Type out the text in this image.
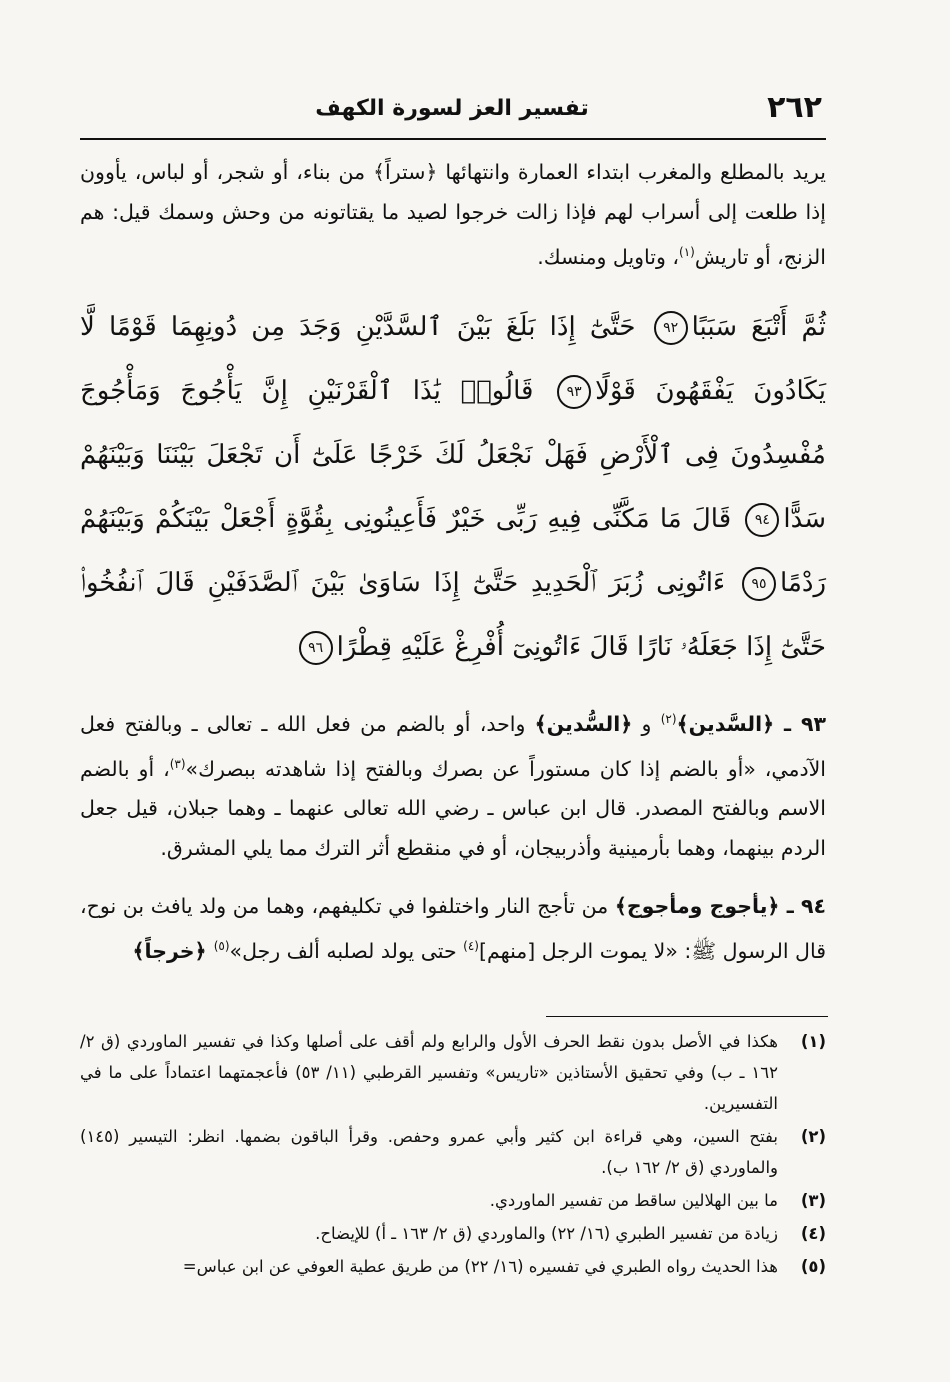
٢٦٢
تفسير العز لسورة الكهف

يريد بالمطلع والمغرب ابتداء العمارة وانتهائها ﴿ستراً﴾ من بناء، أو شجر، أو لباس، يأوون إذا طلعت إلى أسراب لهم فإذا زالت خرجوا لصيد ما يقتاتونه من وحش وسمك قيل: هم الزنج، أو تاريش$^{(١)}$، وتاويل ومنسك.

ثُمَّ أَتْبَعَ سَبَبًا٩٢ حَتَّىٰٓ إِذَا بَلَغَ بَيْنَ ٱلسَّدَّيْنِ وَجَدَ مِن دُونِهِمَا قَوْمًا لَّا يَكَادُونَ يَفْقَهُونَ قَوْلًا٩٣ قَالُوا۟ يَٰذَا ٱلْقَرْنَيْنِ إِنَّ يَأْجُوجَ وَمَأْجُوجَ مُفْسِدُونَ فِى ٱلْأَرْضِ فَهَلْ نَجْعَلُ لَكَ خَرْجًا عَلَىٰٓ أَن تَجْعَلَ بَيْنَنَا وَبَيْنَهُمْ سَدًّا٩٤ قَالَ مَا مَكَّنِّى فِيهِ رَبِّى خَيْرٌ فَأَعِينُونِى بِقُوَّةٍ أَجْعَلْ بَيْنَكُمْ وَبَيْنَهُمْ رَدْمًا٩٥ ءَاتُونِى زُبَرَ ٱلْحَدِيدِ حَتَّىٰٓ إِذَا سَاوَىٰ بَيْنَ ٱلصَّدَفَيْنِ قَالَ ٱنفُخُوا۟ حَتَّىٰٓ إِذَا جَعَلَهُۥ نَارًا قَالَ ءَاتُونِىٓ أُفْرِغْ عَلَيْهِ قِطْرًا٩٦

٩٣ ـ ﴿السَّدين﴾$^{(٢)}$ و ﴿السُّدين﴾ واحد، أو بالضم من فعل الله ـ تعالى ـ وبالفتح فعل الآدمي، «أو بالضم إذا كان مستوراً عن بصرك وبالفتح إذا شاهدته ببصرك»$^{(٣)}$، أو بالضم الاسم وبالفتح المصدر. قال ابن عباس ـ رضي الله تعالى عنهما ـ وهما جبلان، قيل جعل الردم بينهما، وهما بأرمينية وأذربيجان، أو في منقطع أثر الترك مما يلي المشرق.

٩٤ ـ ﴿يأجوج ومأجوج﴾ من تأجج النار واختلفوا في تكليفهم، وهما من ولد يافث بن نوح، قال الرسول ﷺ: «لا يموت الرجل [منهم]$^{(٤)}$ حتى يولد لصلبه ألف رجل»$^{(٥)}$ ﴿خرجاً﴾

(١)
هكذا في الأصل بدون نقط الحرف الأول والرابع ولم أقف على أصلها وكذا في تفسير الماوردي (ق ٢/ ١٦٢ ـ ب) وفي تحقيق الأستاذين «تاريس» وتفسير القرطبي (١١/ ٥٣) فأعجمتهما اعتماداً على ما في التفسيرين.
(٢)
بفتح السين، وهي قراءة ابن كثير وأبي عمرو وحفص. وقرأ الباقون بضمها. انظر: التيسير (١٤٥) والماوردي (ق ٢/ ١٦٢ ب).
(٣)
ما بين الهلالين ساقط من تفسير الماوردي.
(٤)
زيادة من تفسير الطبري (١٦/ ٢٢) والماوردي (ق ٢/ ١٦٣ ـ أ) للإيضاح.
(٥)
هذا الحديث رواه الطبري في تفسيره (١٦/ ٢٢) من طريق عطية العوفي عن ابن عباس=
